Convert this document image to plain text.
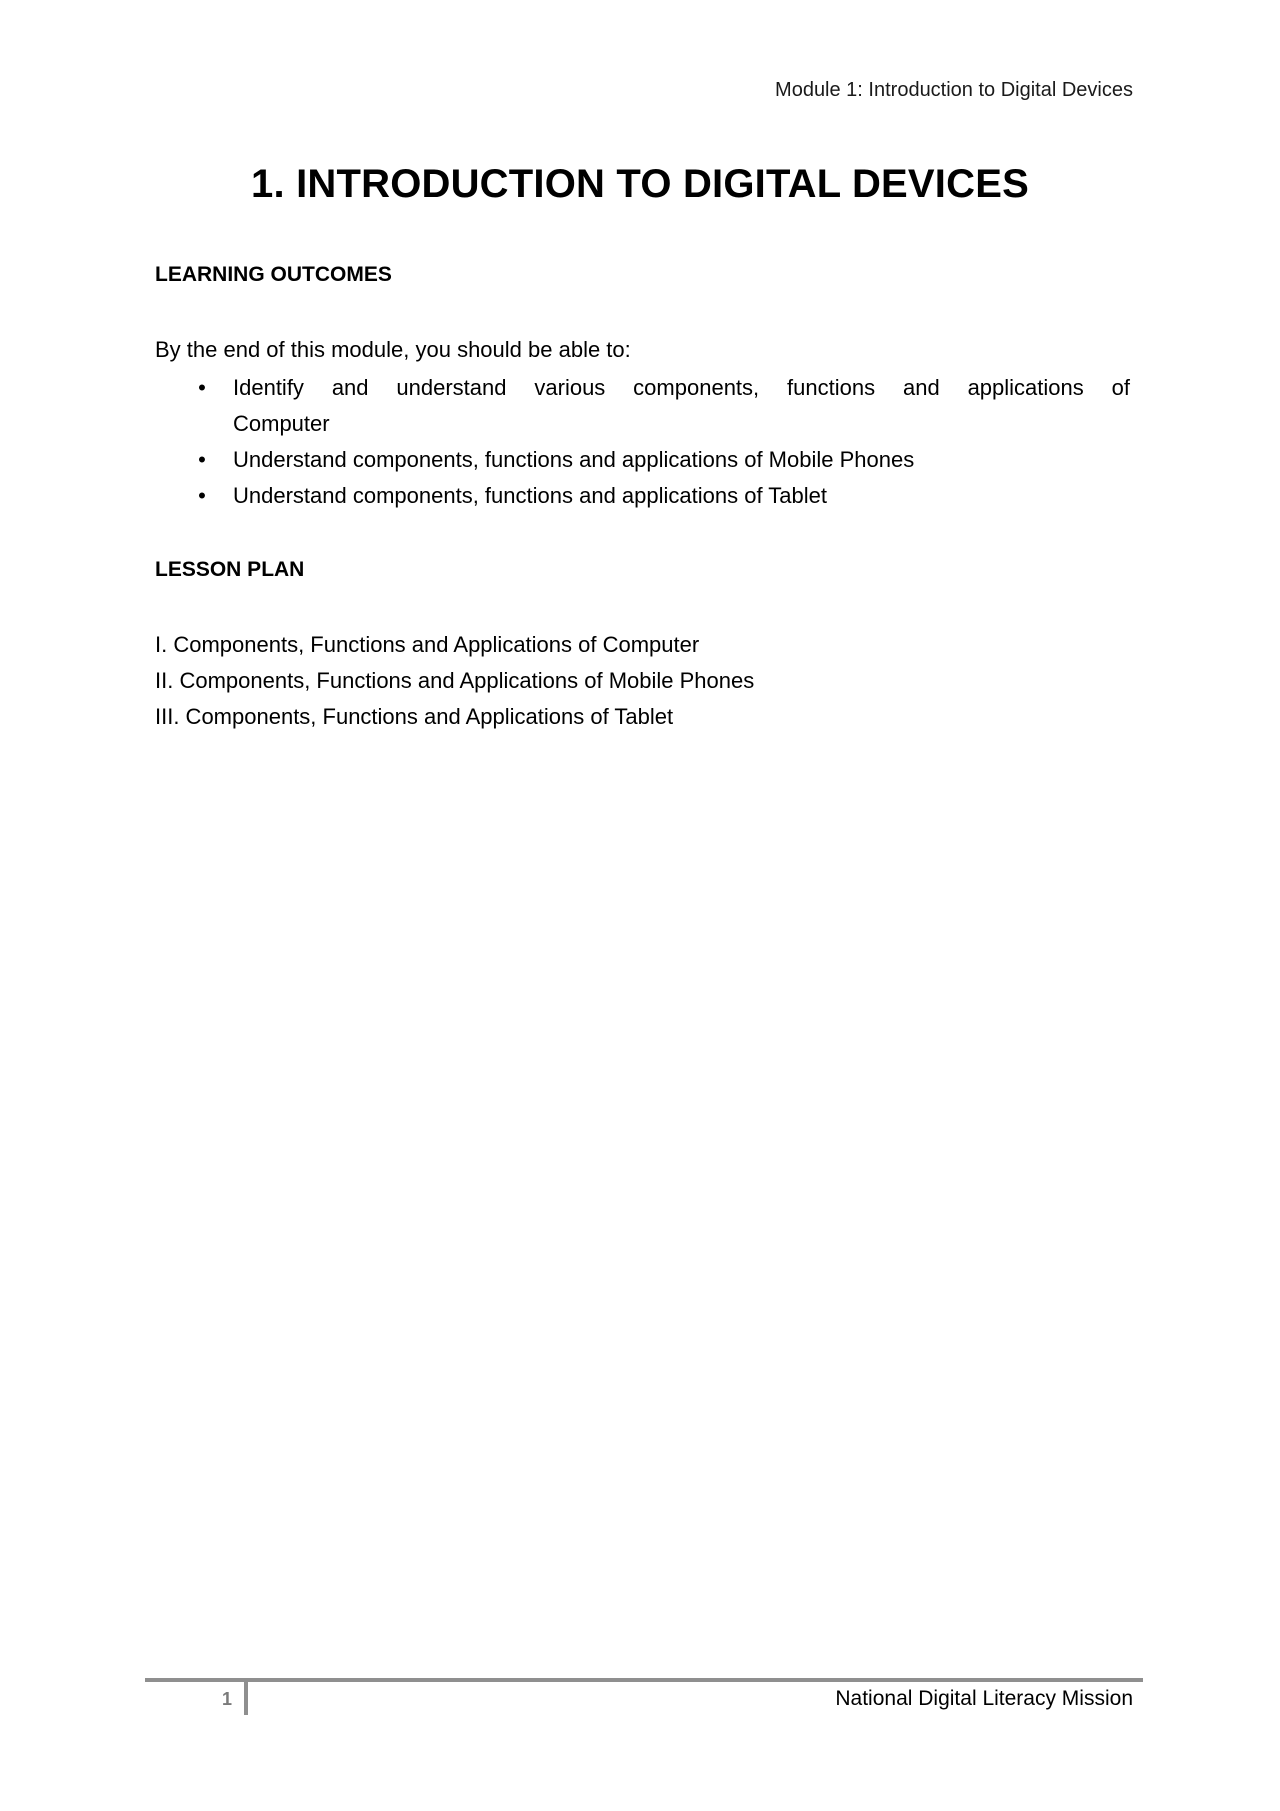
Module 1: Introduction to Digital Devices
1. INTRODUCTION TO DIGITAL DEVICES
LEARNING OUTCOMES

By the end of this module, you should be able to:

• Identify and understand various components, functions and applications of Computer
• Understand components, functions and applications of Mobile Phones
• Understand components, functions and applications of Tablet
LESSON PLAN
I. Components, Functions and Applications of Computer
II. Components, Functions and Applications of Mobile Phones
III. Components, Functions and Applications of Tablet
1	National Digital Literacy Mission
